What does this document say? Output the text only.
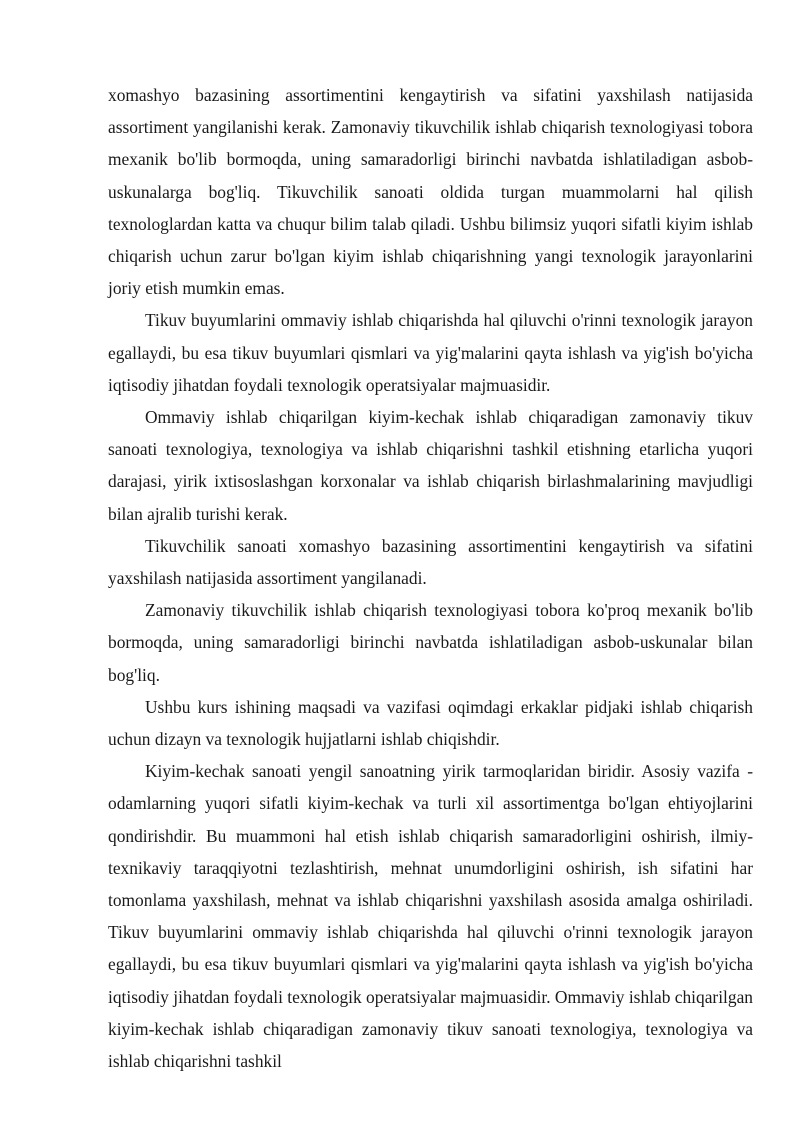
xomashyo bazasining assortimentini kengaytirish va sifatini yaxshilash natijasida assortiment yangilanishi kerak. Zamonaviy tikuvchilik ishlab chiqarish texnologiyasi tobora mexanik bo'lib bormoqda, uning samaradorligi birinchi navbatda ishlatiladigan asbob-uskunalarga bog'liq. Tikuvchilik sanoati oldida turgan muammolarni hal qilish texnologlardan katta va chuqur bilim talab qiladi. Ushbu bilimsiz yuqori sifatli kiyim ishlab chiqarish uchun zarur bo'lgan kiyim ishlab chiqarishning yangi texnologik jarayonlarini joriy etish mumkin emas.

Tikuv buyumlarini ommaviy ishlab chiqarishda hal qiluvchi o'rinni texnologik jarayon egallaydi, bu esa tikuv buyumlari qismlari va yig'malarini qayta ishlash va yig'ish bo'yicha iqtisodiy jihatdan foydali texnologik operatsiyalar majmuasidir.

Ommaviy ishlab chiqarilgan kiyim-kechak ishlab chiqaradigan zamonaviy tikuv sanoati texnologiya, texnologiya va ishlab chiqarishni tashkil etishning etarlicha yuqori darajasi, yirik ixtisoslashgan korxonalar va ishlab chiqarish birlashmalarining mavjudligi bilan ajralib turishi kerak.

Tikuvchilik sanoati xomashyo bazasining assortimentini kengaytirish va sifatini yaxshilash natijasida assortiment yangilanadi.

Zamonaviy tikuvchilik ishlab chiqarish texnologiyasi tobora ko'proq mexanik bo'lib bormoqda, uning samaradorligi birinchi navbatda ishlatiladigan asbob-uskunalar bilan bog'liq.

Ushbu kurs ishining maqsadi va vazifasi oqimdagi erkaklar pidjaki ishlab chiqarish uchun dizayn va texnologik hujjatlarni ishlab chiqishdir.

Kiyim-kechak sanoati yengil sanoatning yirik tarmoqlaridan biridir. Asosiy vazifa - odamlarning yuqori sifatli kiyim-kechak va turli xil assortimentga bo'lgan ehtiyojlarini qondirishdir. Bu muammoni hal etish ishlab chiqarish samaradorligini oshirish, ilmiy-texnikaviy taraqqiyotni tezlashtirish, mehnat unumdorligini oshirish, ish sifatini har tomonlama yaxshilash, mehnat va ishlab chiqarishni yaxshilash asosida amalga oshiriladi. Tikuv buyumlarini ommaviy ishlab chiqarishda hal qiluvchi o'rinni texnologik jarayon egallaydi, bu esa tikuv buyumlari qismlari va yig'malarini qayta ishlash va yig'ish bo'yicha iqtisodiy jihatdan foydali texnologik operatsiyalar majmuasidir. Ommaviy ishlab chiqarilgan kiyim-kechak ishlab chiqaradigan zamonaviy tikuv sanoati texnologiya, texnologiya va ishlab chiqarishni tashkil
